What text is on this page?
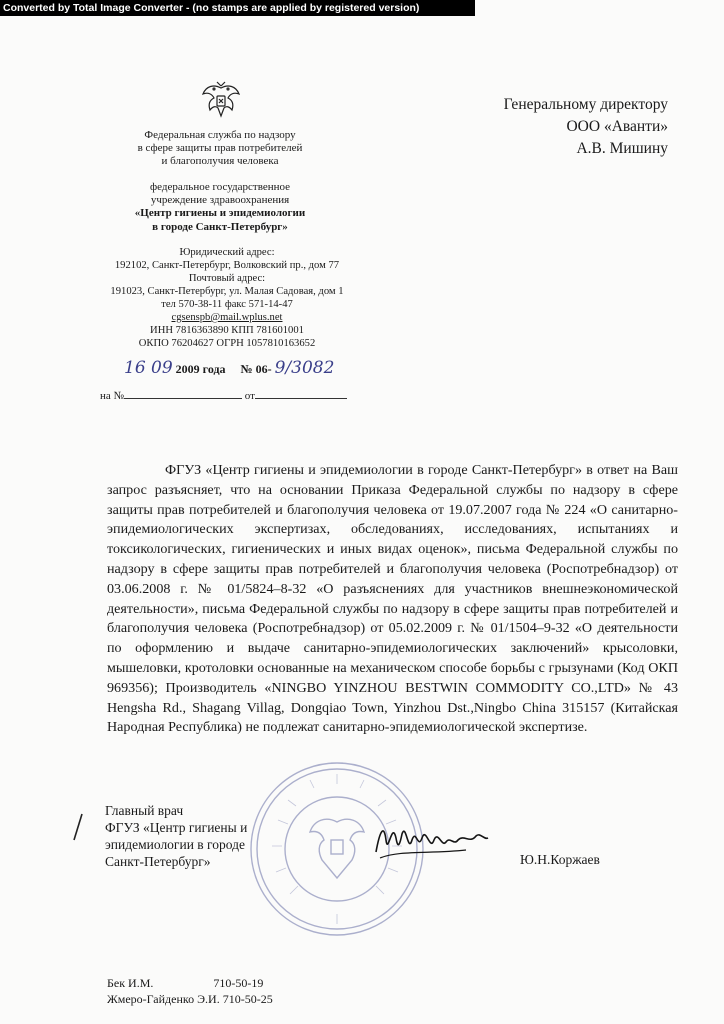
Converted by Total Image Converter - (no stamps are applied by registered version)
Федеральная служба по надзору
в сфере защиты прав потребителей
и благополучия человека
федеральное государственное
учреждение здравоохранения
«Центр гигиены и эпидемиологии
в городе Санкт-Петербург»
Юридический адрес:
192102, Санкт-Петербург, Волковский пр., дом 77
Почтовый адрес:
191023, Санкт-Петербург, ул. Малая Садовая, дом 1
тел 570-38-11 факс 571-14-47
cgsenspb@mail.wplus.net
ИНН 7816363890 КПП 781601001
ОКПО 76204627 ОГРН 1057810163652
16 09 2009 года № 06- 9/3082
на №	от
Генеральному директору
ООО «Аванти»
А.В. Мишину

ФГУЗ «Центр гигиены и эпидемиологии в городе Санкт-Петербург» в ответ на Ваш запрос разъясняет, что на основании Приказа Федеральной службы по надзору в сфере защиты прав потребителей и благополучия человека от 19.07.2007 года № 224 «О санитарно-эпидемиологических экспертизах, обследованиях, исследованиях, испытаниях и токсикологических, гигиенических и иных видах оценок», письма Федеральной службы по надзору в сфере защиты прав потребителей и благополучия человека (Роспотребнадзор) от 03.06.2008 г. № 01/5824–8-32 «О разъяснениях для участников внешнеэкономической деятельности», письма Федеральной службы по надзору в сфере защиты прав потребителей и благополучия человека (Роспотребнадзор) от 05.02.2009 г. № 01/1504–9-32 «О деятельности по оформлению и выдаче санитарно-эпидемиологических заключений» крысоловки, мышеловки, кротоловки основанные на механическом способе борьбы с грызунами (Код ОКП 969356); Производитель «NINGBO YINZHOU BESTWIN COMMODITY CO.,LTD» № 43 Hengsha Rd., Shagang Villag, Dongqiao Town, Yinzhou Dst.,Ningbo China 315157 (Китайская Народная Республика) не подлежат санитарно-эпидемиологической экспертизе.

Главный врач
ФГУЗ «Центр гигиены и
эпидемиологии в городе
Санкт-Петербург»	Ю.Н.Коржаев
Бек И.М.	710-50-19
Жмеро-Гайденко Э.И. 710-50-25
